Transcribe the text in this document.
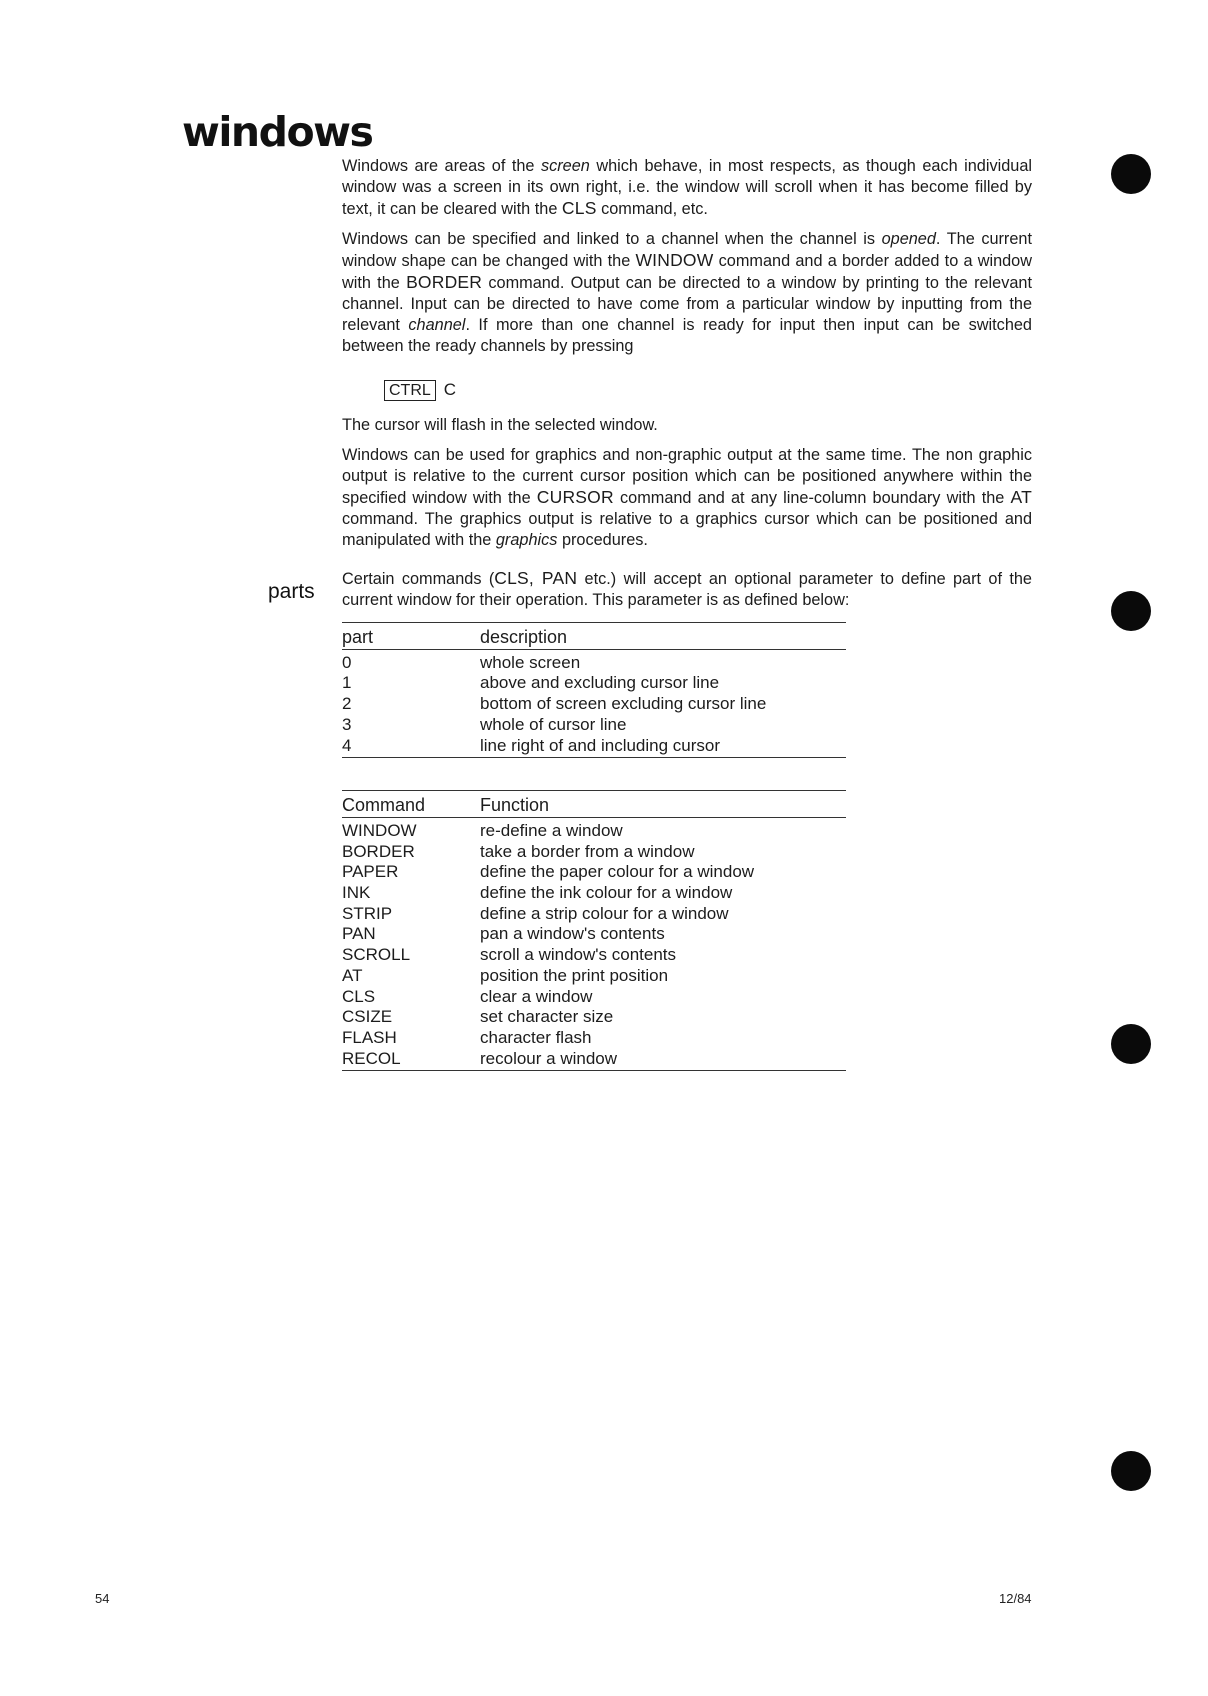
windows
parts

Windows are areas of the screen which behave, in most respects, as though each individual window was a screen in its own right, i.e. the window will scroll when it has become filled by text, it can be cleared with the CLS command, etc.

Windows can be specified and linked to a channel when the channel is opened. The current window shape can be changed with the WINDOW command and a border added to a window with the BORDER command. Output can be directed to a window by printing to the relevant channel. Input can be directed to have come from a particular window by inputting from the relevant channel. If more than one channel is ready for input then input can be switched between the ready channels by pressing

CTRL C

The cursor will flash in the selected window.

Windows can be used for graphics and non-graphic output at the same time. The non graphic output is relative to the current cursor position which can be positioned anywhere within the specified window with the CURSOR command and at any line-column boundary with the AT command. The graphics output is relative to a graphics cursor which can be positioned and manipulated with the graphics procedures.

Certain commands (CLS, PAN etc.) will accept an optional parameter to define part of the current window for their operation. This parameter is as defined below:

part	description
0	whole screen
1	above and excluding cursor line
2	bottom of screen excluding cursor line
3	whole of cursor line
4	line right of and including cursor
Command	Function
WINDOW	re-define a window
BORDER	take a border from a window
PAPER	define the paper colour for a window
INK	define the ink colour for a window
STRIP	define a strip colour for a window
PAN	pan a window's contents
SCROLL	scroll a window's contents
AT	position the print position
CLS	clear a window
CSIZE	set character size
FLASH	character flash
RECOL	recolour a window
54	12/84
